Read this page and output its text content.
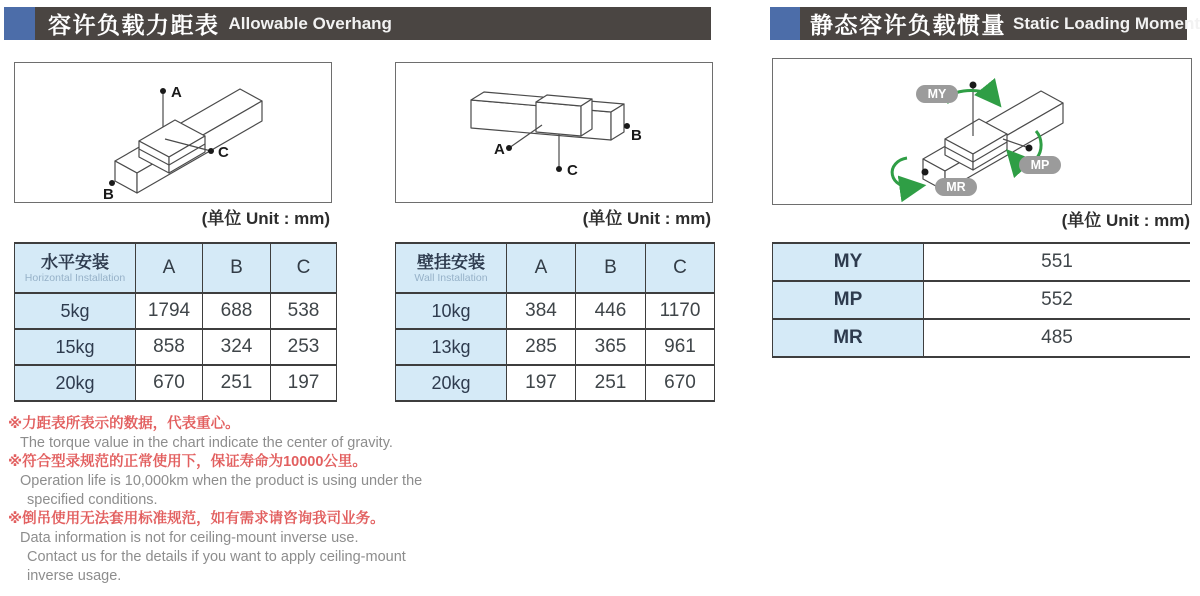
容许负载力距表 Allowable Overhang
A
B
C
(单位 Unit : mm)
A
B
C
(单位 Unit : mm)
水平安装
Horizontal Installation	A	B	C
5kg	1794	688	538
15kg	858	324	253
20kg	670	251	197
壁挂安装
Wall Installation	A	B	C
10kg	384	446	1170
13kg	285	365	961
20kg	197	251	670
※力距表所表示的数据，代表重心。
The torque value in the chart indicate the center of gravity.
※符合型录规范的正常使用下，保证寿命为10000公里。
Operation life is 10,000km when the product is using under the
specified conditions.
※倒吊使用无法套用标准规范，如有需求请咨询我司业务。
Data information is not for ceiling-mount inverse use.
Contact us for the details if you want to apply ceiling-mount
inverse usage.
静态容许负载惯量 Static Loading Moment
MY
MP
MR
(单位 Unit : mm)
MY	551
MP	552
MR	485
